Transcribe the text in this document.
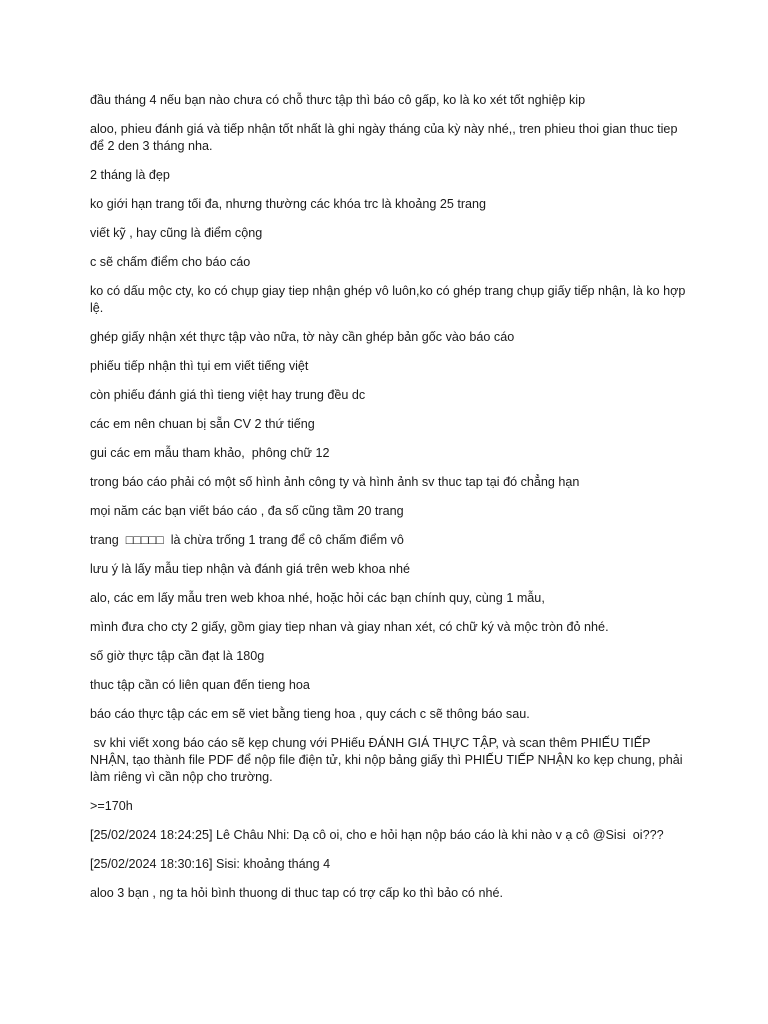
đầu tháng 4 nếu bạn nào chưa có chỗ thưc tập thì báo cô gấp, ko là ko xét tốt nghiệp kip

aloo, phieu đánh giá và tiếp nhận tốt nhất là ghi ngày tháng của kỳ này nhé,, tren phieu thoi gian thuc tiep để 2 den 3 tháng nha.

2 tháng là đẹp

ko giới hạn trang tối đa, nhưng thường các khóa trc là khoảng 25 trang

viết kỹ , hay cũng là điểm cộng

c sẽ chấm điểm cho báo cáo

ko có dấu mộc cty, ko có chụp giay tiep nhận ghép vô luôn,ko có ghép trang chụp giấy tiếp nhận, là ko hợp lệ.

ghép giấy nhận xét thực tập vào nữa, tờ này cần ghép bản gốc vào báo cáo

phiếu tiếp nhận thì tụi em viết tiếng việt

còn phiếu đánh giá thì tieng việt hay trung đều dc

các em nên chuan bị sẵn CV 2 thứ tiếng

gui các em mẫu tham khảo,  phông chữ 12

trong báo cáo phải có một số hình ảnh công ty và hình ảnh sv thuc tap tại đó chẳng hạn

mọi năm các bạn viết báo cáo , đa số cũng tầm 20 trang

trang  □□□□□  là chừa trống 1 trang để cô chấm điểm vô

lưu ý là lấy mẫu tiep nhận và đánh giá trên web khoa nhé

alo, các em lấy mẫu tren web khoa nhé, hoặc hỏi các bạn chính quy, cùng 1 mẫu,

mình đưa cho cty 2 giấy, gồm giay tiep nhan và giay nhan xét, có chữ ký và mộc tròn đỏ nhé.

số giờ thực tập cần đạt là 180g

thuc tập cần có liên quan đến tieng hoa

báo cáo thực tập các em sẽ viet bằng tieng hoa , quy cách c sẽ thông báo sau.

sv khi viết xong báo cáo sẽ kẹp chung với PHiếu ĐÁNH GIÁ THỰC TẬP, và scan thêm PHIẾU TIẾP NHẬN, tạo thành file PDF để nộp file điện tử, khi nộp bảng giấy thì PHIẾU TIẾP NHẬN ko kẹp chung, phải làm riêng vì cần nộp cho trường.

>=170h

[25/02/2024 18:24:25] Lê Châu Nhi: Dạ cô oi, cho e hỏi hạn nộp báo cáo là khi nào v ạ cô @Sisi  oi???

[25/02/2024 18:30:16] Sisi: khoảng tháng 4

aloo 3 bạn , ng ta hỏi bình thuong di thuc tap có trợ cấp ko thì bảo có nhé.
